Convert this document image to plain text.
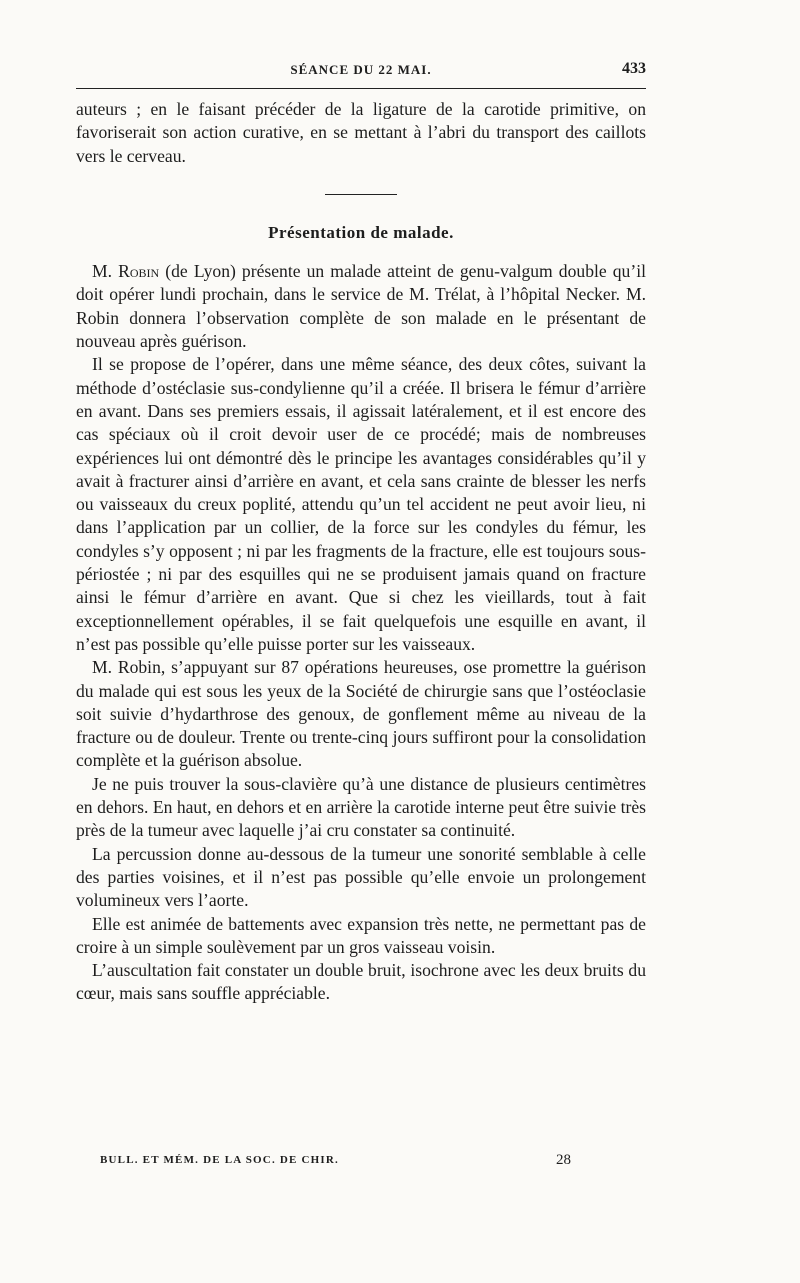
SÉANCE DU 22 MAI.	433

auteurs ; en le faisant précéder de la ligature de la carotide primitive, on favoriserait son action curative, en se mettant à l’abri du transport des caillots vers le cerveau.

Présentation de malade.

M. Robin (de Lyon) présente un malade atteint de genu-valgum double qu’il doit opérer lundi prochain, dans le service de M. Trélat, à l’hôpital Necker. M. Robin donnera l’observation complète de son malade en le présentant de nouveau après guérison.

Il se propose de l’opérer, dans une même séance, des deux côtes, suivant la méthode d’ostéclasie sus-condylienne qu’il a créée. Il brisera le fémur d’arrière en avant. Dans ses premiers essais, il agissait latéralement, et il est encore des cas spéciaux où il croit devoir user de ce procédé; mais de nombreuses expériences lui ont démontré dès le principe les avantages considérables qu’il y avait à fracturer ainsi d’arrière en avant, et cela sans crainte de blesser les nerfs ou vaisseaux du creux poplité, attendu qu’un tel accident ne peut avoir lieu, ni dans l’application par un collier, de la force sur les condyles du fémur, les condyles s’y opposent ; ni par les fragments de la fracture, elle est toujours sous-périostée ; ni par des esquilles qui ne se produisent jamais quand on fracture ainsi le fémur d’arrière en avant. Que si chez les vieillards, tout à fait exceptionnellement opérables, il se fait quelquefois une esquille en avant, il n’est pas possible qu’elle puisse porter sur les vaisseaux.

M. Robin, s’appuyant sur 87 opérations heureuses, ose promettre la guérison du malade qui est sous les yeux de la Société de chirurgie sans que l’ostéoclasie soit suivie d’hydarthrose des genoux, de gonflement même au niveau de la fracture ou de douleur. Trente ou trente-cinq jours suffiront pour la consolidation complète et la guérison absolue.

Je ne puis trouver la sous-clavière qu’à une distance de plusieurs centimètres en dehors. En haut, en dehors et en arrière la carotide interne peut être suivie très près de la tumeur avec laquelle j’ai cru constater sa continuité.

La percussion donne au-dessous de la tumeur une sonorité semblable à celle des parties voisines, et il n’est pas possible qu’elle envoie un prolongement volumineux vers l’aorte.

Elle est animée de battements avec expansion très nette, ne permettant pas de croire à un simple soulèvement par un gros vaisseau voisin.

L’auscultation fait constater un double bruit, isochrone avec les deux bruits du cœur, mais sans souffle appréciable.

BULL. ET MÉM. DE LA SOC. DE CHIR.	28
